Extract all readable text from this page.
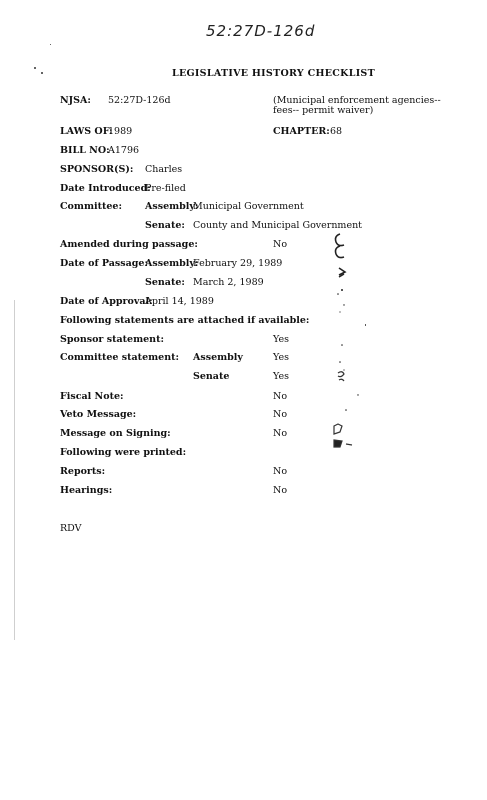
52:27D-126d
LEGISLATIVE HISTORY CHECKLIST
NJSA: 52:27D-126d	(Municipal enforcement agencies--
fees-- permit waiver)
LAWS OF:
1989	CHAPTER: 68
BILL NO:
A1796
SPONSOR(S): Charles
Date Introduced:
Pre-filed
Committee: Assembly:
Municipal Government
Senate: County and Municipal Government
Amended during passage:	No
Date of Passage:
Assembly:
February 29, 1989
Senate: March 2, 1989
Date of Approval:
April 14, 1989
Following statements are attached if available:
Sponsor statement:	Yes
Committee statement: Assembly	Yes
Senate	Yes
Fiscal Note:	No
Veto Message:	No
Message on Signing:	No
Following were printed:
Reports:	No
Hearings:	No
RDV
